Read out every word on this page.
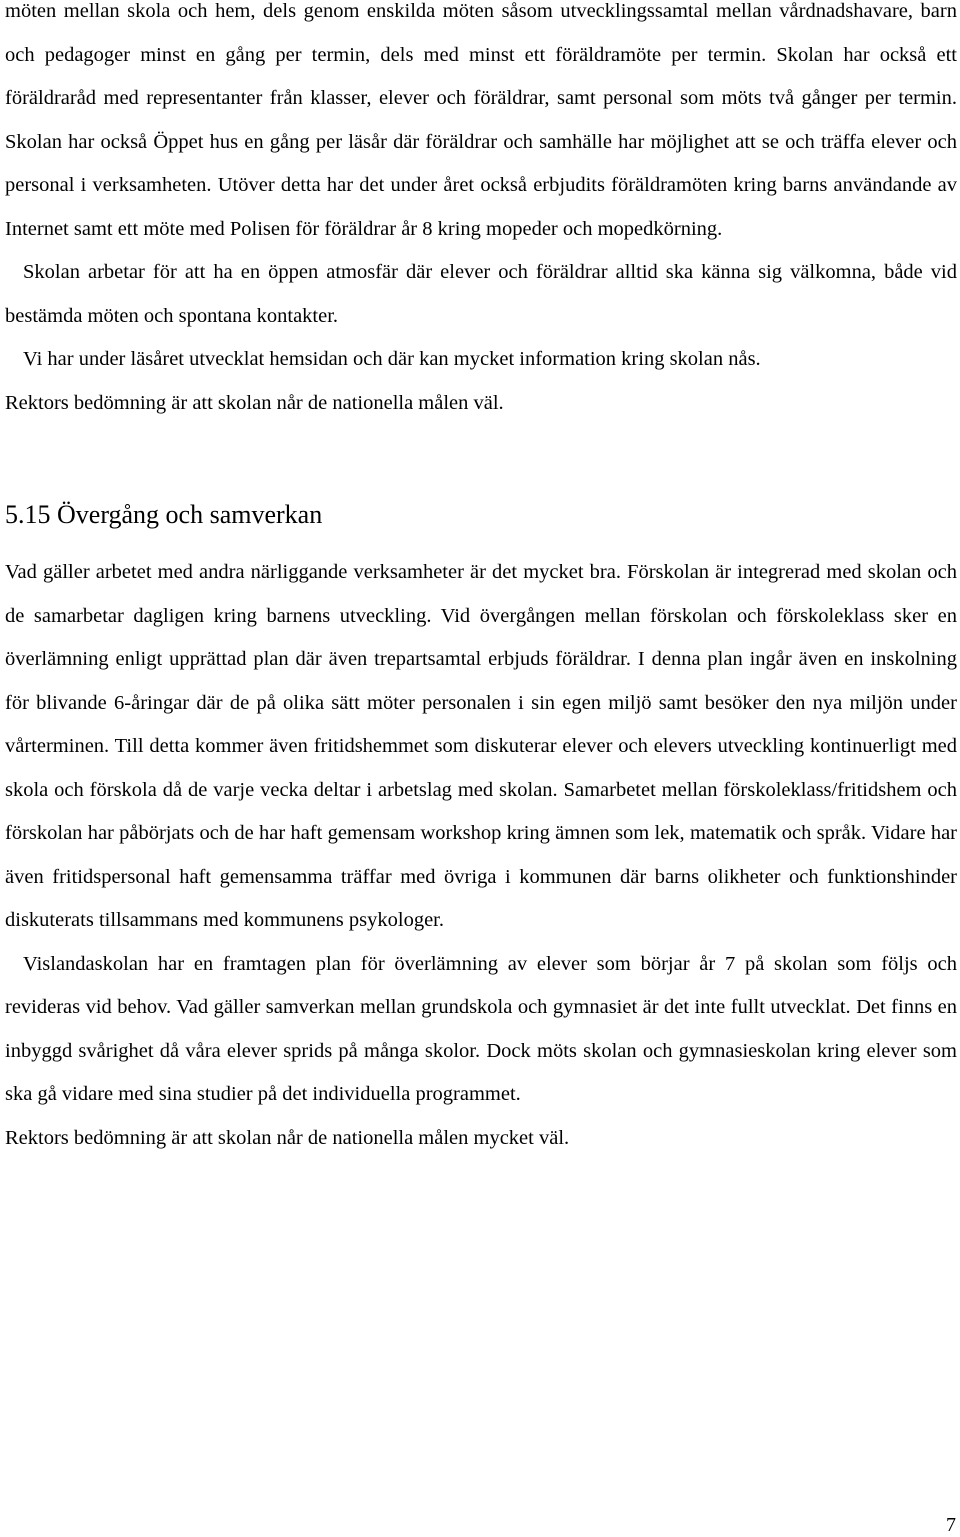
möten mellan skola och hem, dels genom enskilda möten såsom utvecklingssamtal mellan vårdnadshavare, barn och pedagoger minst en gång per termin, dels med minst ett föräldramöte per termin. Skolan har också ett föräldraråd med representanter från klasser, elever och föräldrar, samt personal som möts två gånger per termin. Skolan har också Öppet hus en gång per läsår där föräldrar och samhälle har möjlighet att se och träffa elever och personal i verksamheten. Utöver detta har det under året också erbjudits föräldramöten kring barns användande av Internet samt ett möte med Polisen för föräldrar år 8 kring mopeder och mopedkörning.

Skolan arbetar för att ha en öppen atmosfär där elever och föräldrar alltid ska känna sig välkomna, både vid bestämda möten och spontana kontakter.

Vi har under läsåret utvecklat hemsidan och där kan mycket information kring skolan nås.

Rektors bedömning är att skolan når de nationella målen väl.

5.15 Övergång och samverkan

Vad gäller arbetet med andra närliggande verksamheter är det mycket bra. Förskolan är integrerad med skolan och de samarbetar dagligen kring barnens utveckling. Vid övergången mellan förskolan och förskoleklass sker en överlämning enligt upprättad plan där även trepartsamtal erbjuds föräldrar. I denna plan ingår även en inskolning för blivande 6-åringar där de på olika sätt möter personalen i sin egen miljö samt besöker den nya miljön under vårterminen. Till detta kommer även fritidshemmet som diskuterar elever och elevers utveckling kontinuerligt med skola och förskola då de varje vecka deltar i arbetslag med skolan. Samarbetet mellan förskoleklass/fritidshem och förskolan har påbörjats och de har haft gemensam workshop kring ämnen som lek, matematik och språk. Vidare har även fritidspersonal haft gemensamma träffar med övriga i kommunen där barns olikheter och funktionshinder diskuterats tillsammans med kommunens psykologer.

Vislandaskolan har en framtagen plan för överlämning av elever som börjar år 7 på skolan som följs och revideras vid behov. Vad gäller samverkan mellan grundskola och gymnasiet är det inte fullt utvecklat. Det finns en inbyggd svårighet då våra elever sprids på många skolor. Dock möts skolan och gymnasieskolan kring elever som ska gå vidare med sina studier på det individuella programmet.

Rektors bedömning är att skolan når de nationella målen mycket väl.

7
